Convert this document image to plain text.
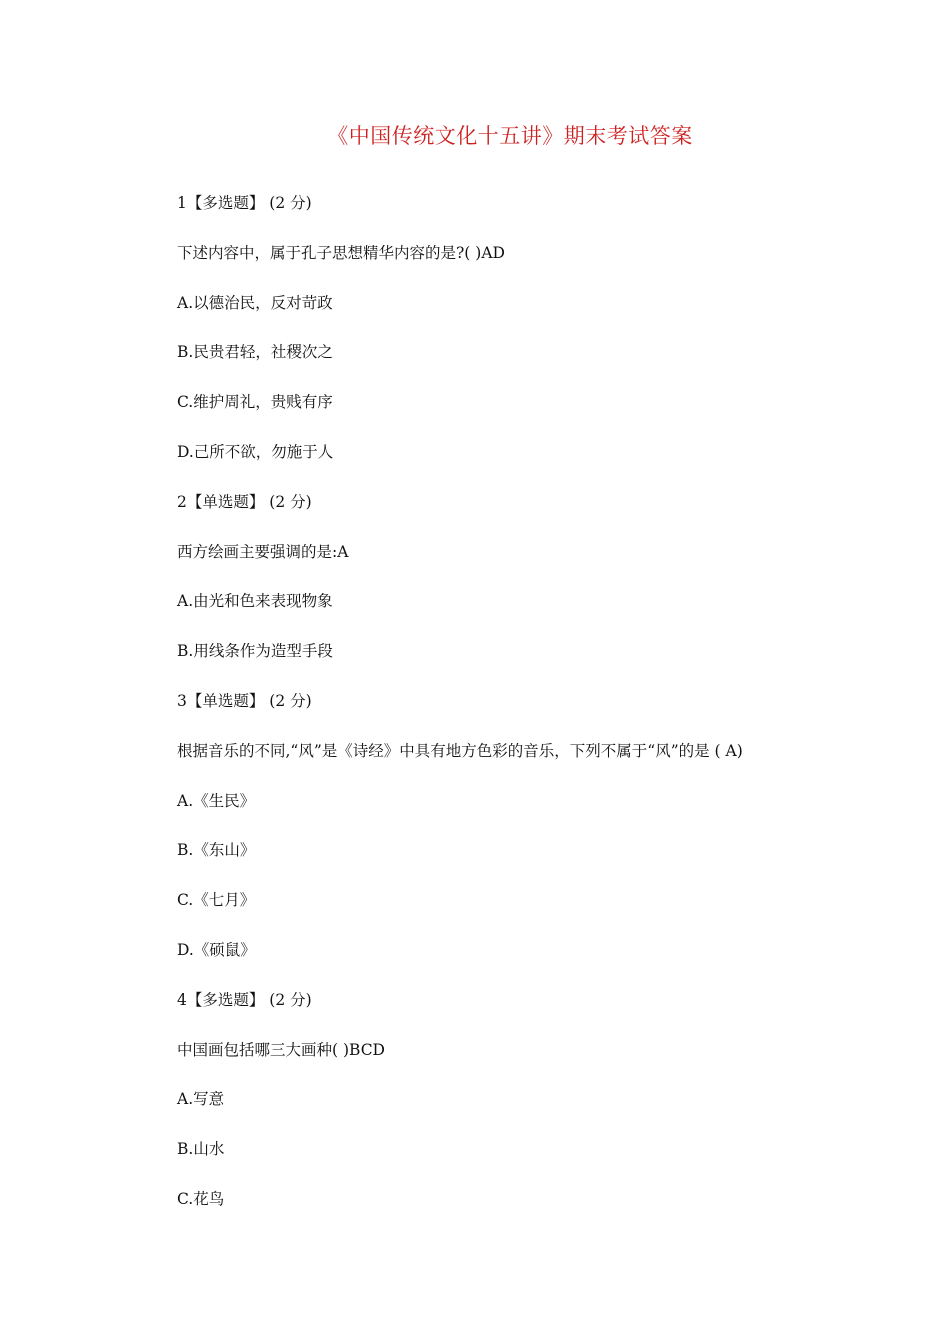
《中国传统文化十五讲》期末考试答案
1【多选题】 (2 分)
下述内容中，属于孔子思想精华内容的是?( )AD
A.以德治民，反对苛政
B.民贵君轻，社稷次之
C.维护周礼，贵贱有序
D.己所不欲，勿施于人
2【单选题】 (2 分)
西方绘画主要强调的是:A
A.由光和色来表现物象
B.用线条作为造型手段
3【单选题】 (2 分)
根据音乐的不同,“风”是《诗经》中具有地方色彩的音乐，下列不属于“风”的是 ( A)
A.《生民》
B.《东山》
C.《七月》
D.《硕鼠》
4【多选题】 (2 分)
中国画包括哪三大画种( )BCD
A.写意
B.山水
C.花鸟
